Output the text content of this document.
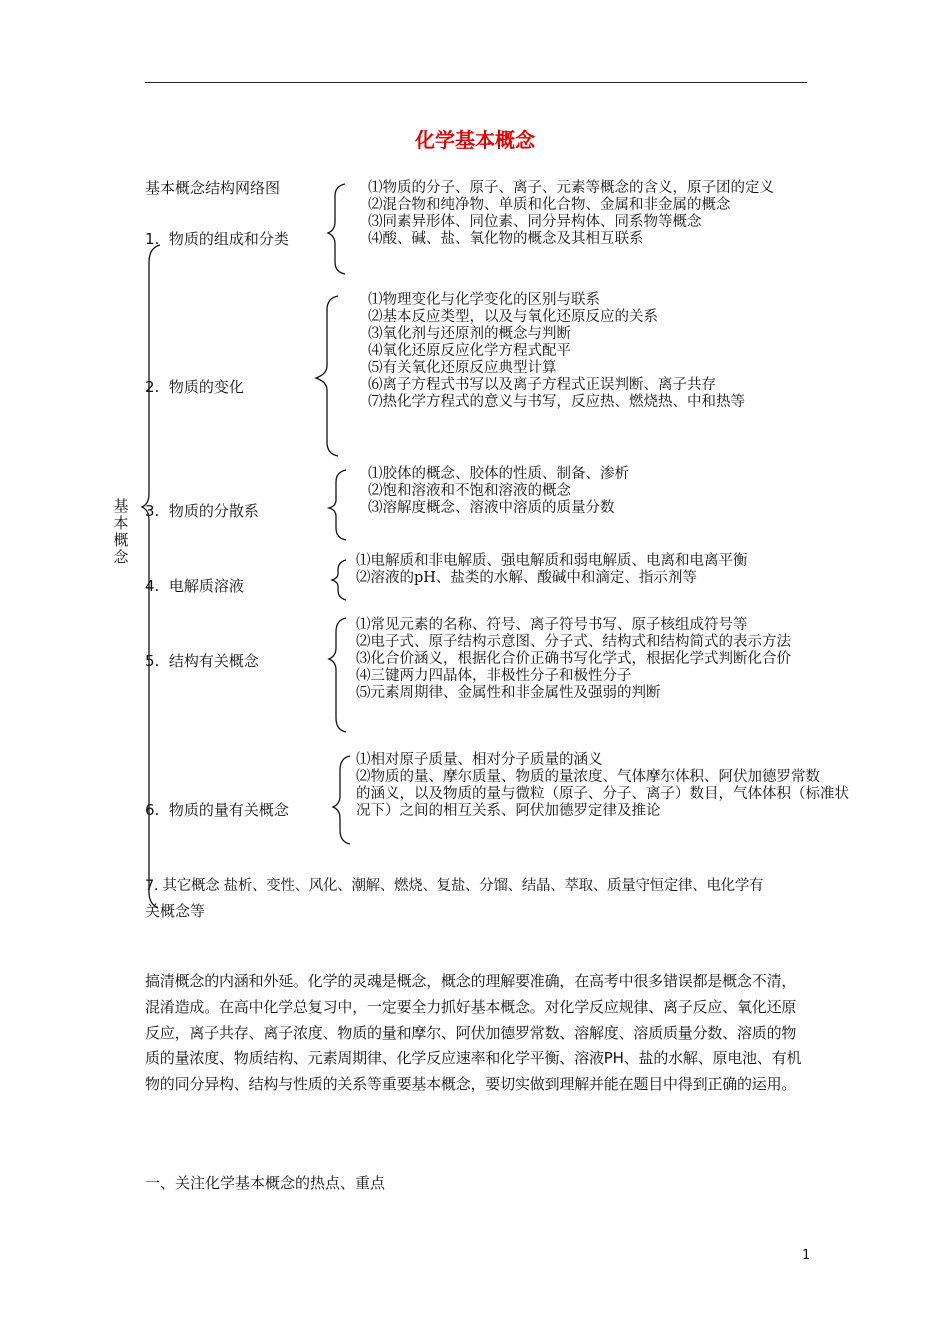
化学基本概念
基本概念结构网络图
基本概念
1.  物质的组成和分类
2.  物质的变化
3.  物质的分散系
4.  电解质溶液
5.  结构有关概念
6.  物质的量有关概念
⑴物质的分子、原子、离子、元素等概念的含义，原子团的定义
⑵混合物和纯净物、单质和化合物、金属和非金属的概念
⑶同素异形体、同位素、同分异构体、同系物等概念
⑷酸、碱、盐、氧化物的概念及其相互联系
⑴物理变化与化学变化的区别与联系
⑵基本反应类型，以及与氧化还原反应的关系
⑶氧化剂与还原剂的概念与判断
⑷氧化还原反应化学方程式配平
⑸有关氧化还原反应典型计算
⑹离子方程式书写以及离子方程式正误判断、离子共存
⑺热化学方程式的意义与书写，反应热、燃烧热、中和热等
⑴胶体的概念、胶体的性质、制备、渗析
⑵饱和溶液和不饱和溶液的概念
⑶溶解度概念、溶液中溶质的质量分数
⑴电解质和非电解质、强电解质和弱电解质、电离和电离平衡
⑵溶液的pH、盐类的水解、酸碱中和滴定、指示剂等
⑴常见元素的名称、符号、离子符号书写、原子核组成符号等
⑵电子式、原子结构示意图、分子式、结构式和结构简式的表示方法
⑶化合价涵义，根据化合价正确书写化学式，根据化学式判断化合价
⑷三键两力四晶体，非极性分子和极性分子
⑸元素周期律、金属性和非金属性及强弱的判断
⑴相对原子质量、相对分子质量的涵义
⑵物质的量、摩尔质量、物质的量浓度、气体摩尔体积、阿伏加德罗常数
的涵义，以及物质的量与微粒（原子、分子、离子）数目，气体体积（标准状
况下）之间的相互关系、阿伏加德罗定律及推论
7. 其它概念 盐析、变性、风化、潮解、燃烧、复盐、分馏、结晶、萃取、质量守恒定律、电化学有
关概念等
搞清概念的内涵和外延。化学的灵魂是概念，概念的理解要准确，在高考中很多错误都是概念不清，混淆造成。在高中化学总复习中，一定要全力抓好基本概念。对化学反应规律、离子反应、氧化还原反应，离子共存、离子浓度、物质的量和摩尔、阿伏加德罗常数、溶解度、溶质质量分数、溶质的物质的量浓度、物质结构、元素周期律、化学反应速率和化学平衡、溶液PH、盐的水解、原电池、有机物的同分异构、结构与性质的关系等重要基本概念，要切实做到理解并能在题目中得到正确的运用。
一、关注化学基本概念的热点、重点
1
